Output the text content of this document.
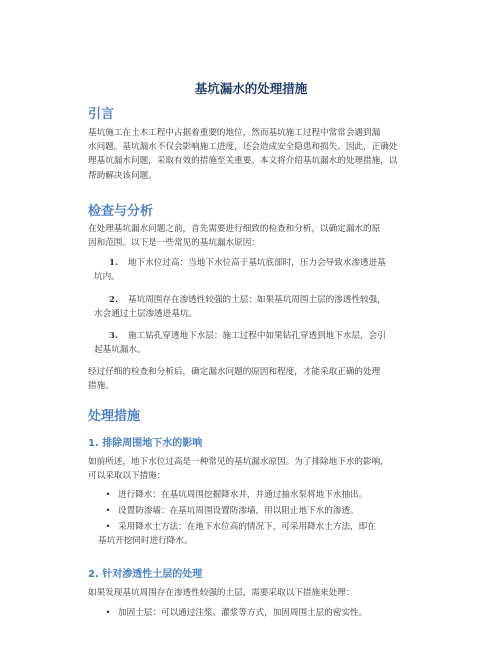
基坑漏水的处理措施
引言

基坑施工在土木工程中占据着重要的地位，然而基坑施工过程中常常会遇到漏
水问题。基坑漏水不仅会影响施工进度，还会造成安全隐患和损失。因此，正确处
理基坑漏水问题，采取有效的措施至关重要。本文将介绍基坑漏水的处理措施，以
帮助解决该问题。

检查与分析

在处理基坑漏水问题之前，首先需要进行细致的检查和分析，以确定漏水的原
因和范围。以下是一些常见的基坑漏水原因：

1. 地下水位过高：当地下水位高于基坑底部时，压力会导致水渗透进基
坑内。
2. 基坑周围存在渗透性较强的土层：如果基坑周围土层的渗透性较强，
水会通过土层渗透进基坑。
3. 施工钻孔穿透地下水层：施工过程中如果钻孔穿透到地下水层，会引
起基坑漏水。

经过仔细的检查和分析后，确定漏水问题的原因和程度，才能采取正确的处理
措施。

处理措施
1. 排除周围地下水的影响

如前所述，地下水位过高是一种常见的基坑漏水原因。为了排除地下水的影响，
可以采取以下措施：

• 进行降水：在基坑周围挖掘降水井，并通过抽水泵将地下水抽出。
• 设置防渗墙：在基坑周围设置防渗墙，用以阻止地下水的渗透。
• 采用降水土方法：在地下水位高的情况下，可采用降水土方法，即在
基坑开挖同时进行降水。
2. 针对渗透性土层的处理

如果发现基坑周围存在渗透性较强的土层，需要采取以下措施来处理：

• 加固土层：可以通过注浆、灌浆等方式，加固周围土层的密实性。
